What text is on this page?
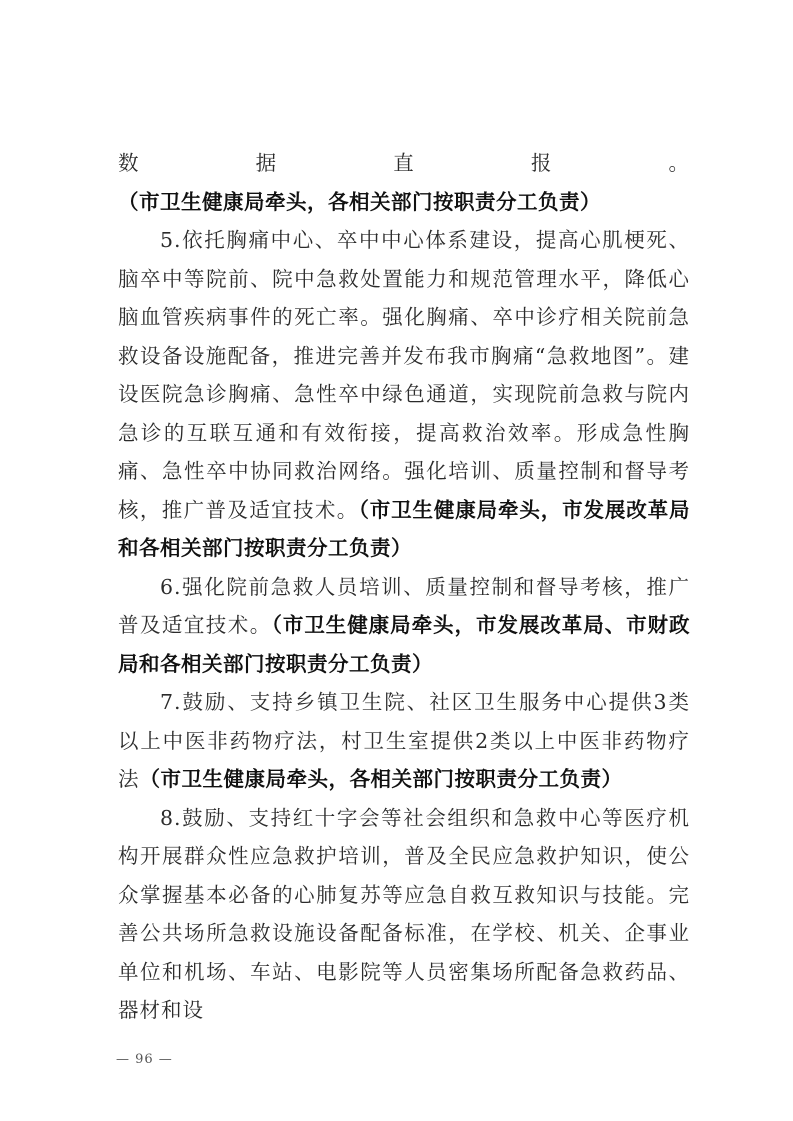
数据直报。（市卫生健康局牵头，各相关部门按职责分工负责）

5.依托胸痛中心、卒中中心体系建设，提高心肌梗死、脑卒中等院前、院中急救处置能力和规范管理水平，降低心脑血管疾病事件的死亡率。强化胸痛、卒中诊疗相关院前急救设备设施配备，推进完善并发布我市胸痛“急救地图”。建设医院急诊胸痛、急性卒中绿色通道，实现院前急救与院内急诊的互联互通和有效衔接，提高救治效率。形成急性胸痛、急性卒中协同救治网络。强化培训、质量控制和督导考核，推广普及适宜技术。（市卫生健康局牵头，市发展改革局和各相关部门按职责分工负责）

6.强化院前急救人员培训、质量控制和督导考核，推广普及适宜技术。（市卫生健康局牵头，市发展改革局、市财政局和各相关部门按职责分工负责）

7.鼓励、支持乡镇卫生院、社区卫生服务中心提供3类以上中医非药物疗法，村卫生室提供2类以上中医非药物疗法（市卫生健康局牵头，各相关部门按职责分工负责）

8.鼓励、支持红十字会等社会组织和急救中心等医疗机构开展群众性应急救护培训，普及全民应急救护知识，使公众掌握基本必备的心肺复苏等应急自救互救知识与技能。完善公共场所急救设施设备配备标准，在学校、机关、企事业单位和机场、车站、电影院等人员密集场所配备急救药品、器材和设

— 96 —
